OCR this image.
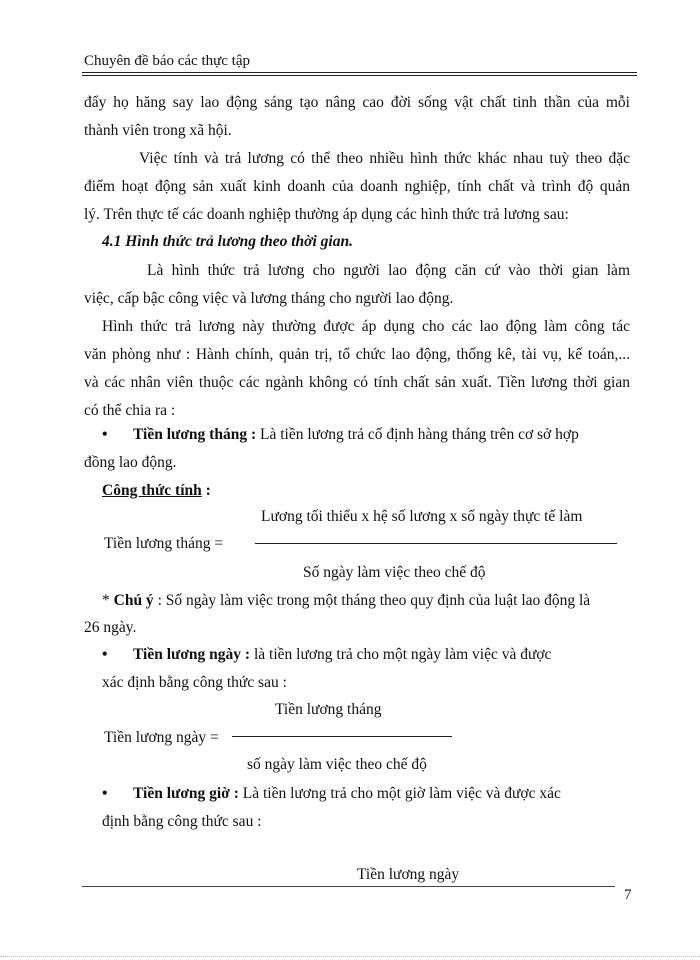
Chuyên đề báo các thực tập
đẩy họ hăng say lao động sáng tạo nâng cao đời sống vật chất tinh thần của mỗi
thành viên trong xã hội.
Việc tính và trả lương có thể theo nhiều hình thức khác nhau tuỳ theo đặc
điểm hoạt động sản xuất kinh doanh của doanh nghiệp, tính chất và trình độ quản
lý. Trên thực tế các doanh nghiệp thường áp dụng các hình thức trả lương sau:
4.1 Hình thức trả lương theo thời gian.
Là hình thức trả lương cho người lao động căn cứ vào thời gian làm
việc, cấp bậc công việc và lương tháng cho người lao động.
Hình thức trả lương này thường được áp dụng cho các lao động làm công tác
văn phòng như : Hành chính, quản trị, tổ chức lao động, thống kê, tài vụ, kế toán,...
và các nhân viên thuộc các ngành không có tính chất sản xuất. Tiền lương thời gian
có thể chia ra :
• Tiền lương tháng : Là tiền lương trả cố định hàng tháng trên cơ sở hợp
đồng lao động.
Công thức tính :
Lương tối thiểu x hệ số lương x số ngày thực tế làm
Tiền lương tháng =
Số ngày làm việc theo chế độ
* Chú ý : Số ngày làm việc trong một tháng theo quy định của luật lao động là
26 ngày.
• Tiền lương ngày : là tiền lương trả cho một ngày làm việc và được
xác định bằng công thức sau :
Tiền lương tháng
Tiền lương ngày =
số ngày làm việc theo chế độ
• Tiền lương giờ : Là tiền lương trả cho một giờ làm việc và được xác
định bằng công thức sau :
Tiền lương ngày
7
